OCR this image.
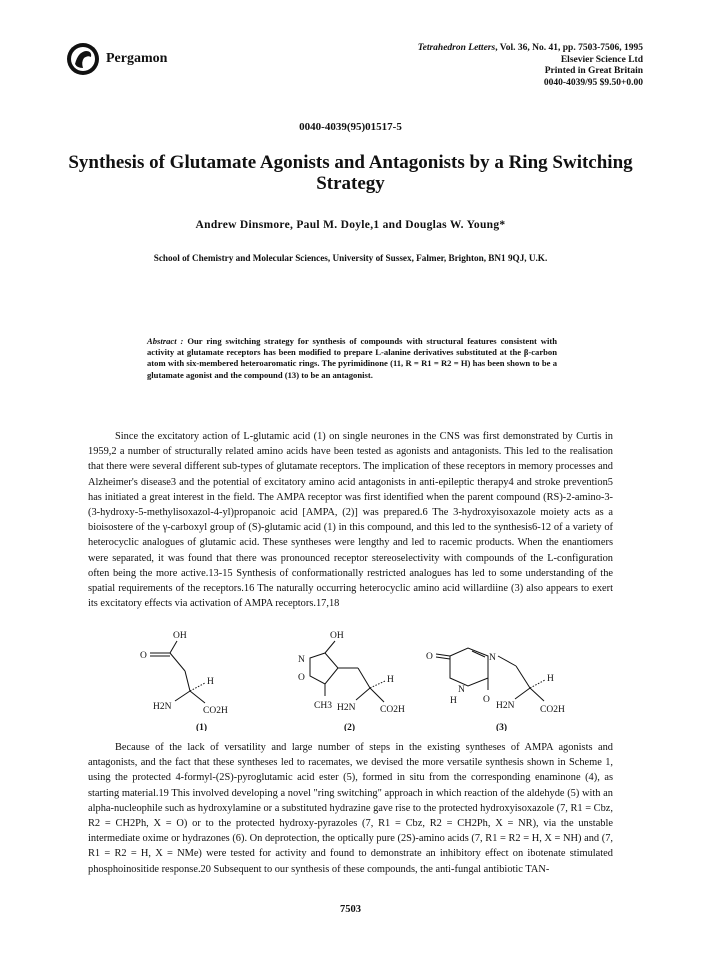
Pergamon
Tetrahedron Letters, Vol. 36, No. 41, pp. 7503-7506, 1995
Elsevier Science Ltd
Printed in Great Britain
0040-4039/95 $9.50+0.00
0040-4039(95)01517-5
Synthesis of Glutamate Agonists and Antagonists by a Ring Switching Strategy
Andrew Dinsmore, Paul M. Doyle,1 and Douglas W. Young*
School of Chemistry and Molecular Sciences, University of Sussex, Falmer, Brighton, BN1 9QJ, U.K.
Abstract : Our ring switching strategy for synthesis of compounds with structural features consistent with activity at glutamate receptors has been modified to prepare L-alanine derivatives substituted at the β-carbon atom with six-membered heteroaromatic rings. The pyrimidinone (11, R = R1 = R2 = H) has been shown to be a glutamate agonist and the compound (13) to be an antagonist.

Since the excitatory action of L-glutamic acid (1) on single neurones in the CNS was first demonstrated by Curtis in 1959,2 a number of structurally related amino acids have been tested as agonists and antagonists. This led to the realisation that there were several different sub-types of glutamate receptors. The implication of these receptors in memory processes and Alzheimer's disease3 and the potential of excitatory amino acid antagonists in anti-epileptic therapy4 and stroke prevention5 has initiated a great interest in the field. The AMPA receptor was first identified when the parent compound (RS)-2-amino-3-(3-hydroxy-5-methylisoxazol-4-yl)propanoic acid [AMPA, (2)] was prepared.6 The 3-hydroxyisoxazole moiety acts as a bioisostere of the γ-carboxyl group of (S)-glutamic acid (1) in this compound, and this led to the synthesis6-12 of a variety of heterocyclic analogues of glutamic acid. These syntheses were lengthy and led to racemic products. When the enantiomers were separated, it was found that there was pronounced receptor stereoselectivity with compounds of the L-configuration often being the more active.13-15 Synthesis of conformationally restricted analogues has led to some understanding of the spatial requirements of the receptors.16 The naturally occurring heterocyclic amino acid willardiine (3) also appears to exert its excitatory effects via activation of AMPA receptors.17,18

OH
O
H
H2N	CO2H
OH
N
O	H
CH3 H2N	CO2H
O	N
N
H	O
H
H2N	CO2H
(1)	(2)	(3)

Because of the lack of versatility and large number of steps in the existing syntheses of AMPA agonists and antagonists, and the fact that these syntheses led to racemates, we devised the more versatile synthesis shown in Scheme 1, using the protected 4-formyl-(2S)-pyroglutamic acid ester (5), formed in situ from the corresponding enaminone (4), as starting material.19 This involved developing a novel "ring switching" approach in which reaction of the aldehyde (5) with an alpha-nucleophile such as hydroxylamine or a substituted hydrazine gave rise to the protected hydroxyisoxazole (7, R1 = Cbz, R2 = CH2Ph, X = O) or to the protected hydroxy-pyrazoles (7, R1 = Cbz, R2 = CH2Ph, X = NR), via the unstable intermediate oxime or hydrazones (6). On deprotection, the optically pure (2S)-amino acids (7, R1 = R2 = H, X = NH) and (7, R1 = R2 = H, X = NMe) were tested for activity and found to demonstrate an inhibitory effect on ibotenate stimulated phosphoinositide response.20 Subsequent to our synthesis of these compounds, the anti-fungal antibiotic TAN-

7503
